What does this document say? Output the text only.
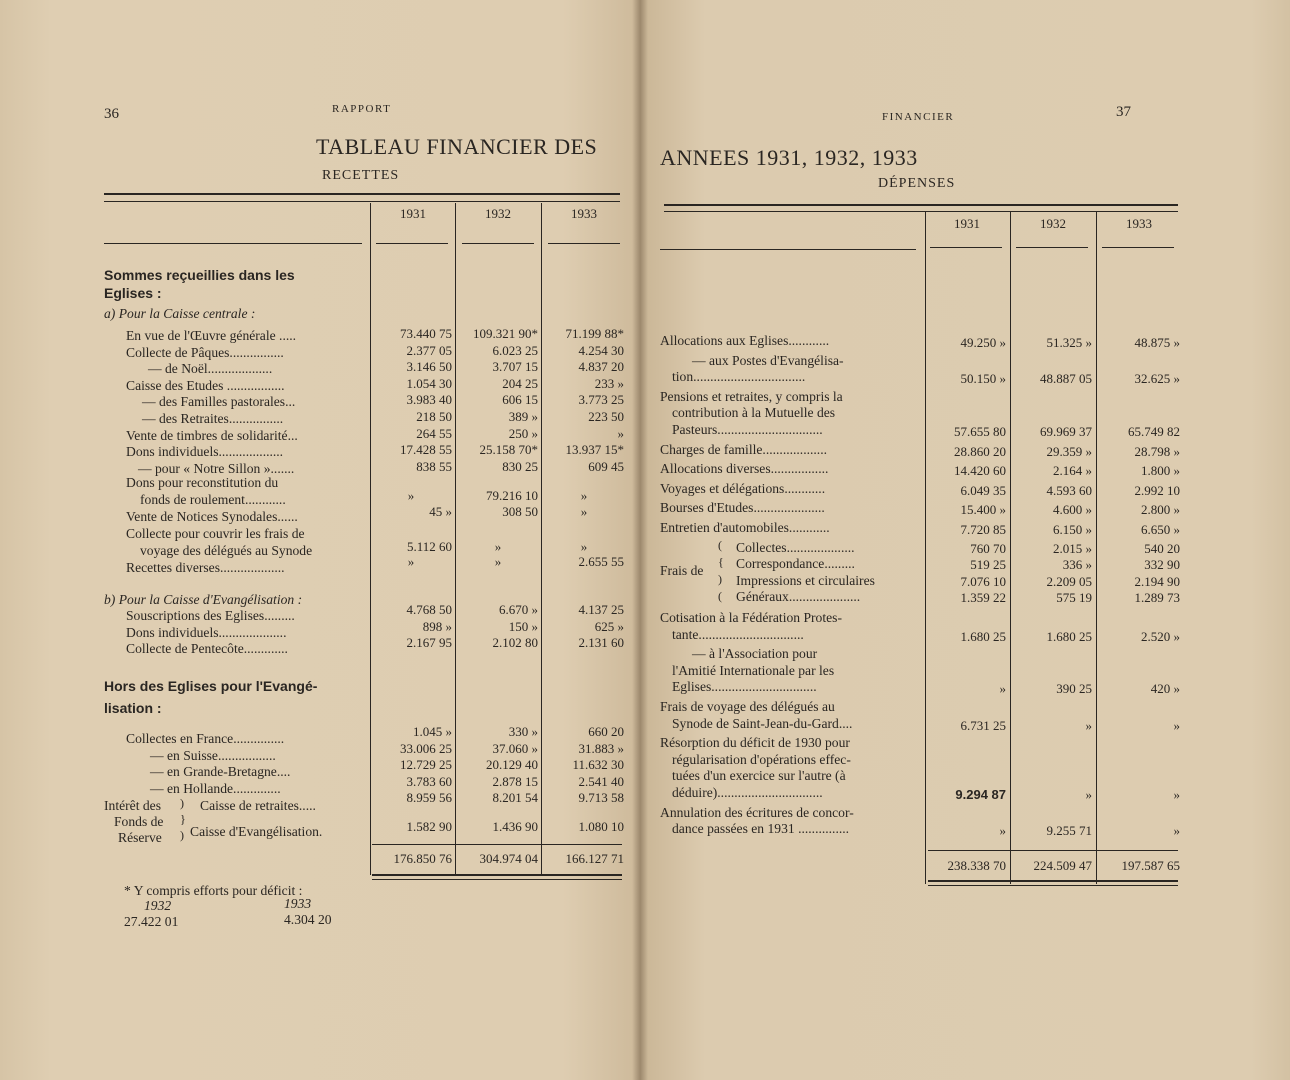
36	RAPPORT
TABLEAU FINANCIER DES
RECETTES
1931	1932	1933
Sommes reçueillies dans les
Eglises :
a) Pour la Caisse centrale :
En vue de l'Œuvre générale .....	73.440 75	109.321 90*	71.199 88*
Collecte de Pâques................	2.377 05	6.023 25	4.254 30
— de Noël...................	3.146 50	3.707 15	4.837 20
Caisse des Etudes .................	1.054 30	204 25	233 »
— des Familles pastorales...	3.983 40	606 15	3.773 25
— des Retraites................	218 50	389 »	223 50
Vente de timbres de solidarité...	264 55	250 »	»
Dons individuels...................	17.428 55	25.158 70*	13.937 15*
— pour « Notre Sillon ».......	838 55	830 25	609 45
Dons pour reconstitution du
fonds de roulement............	»	79.216 10	»
Vente de Notices Synodales......	45 »	308 50	»
Collecte pour couvrir les frais de
voyage des délégués au Synode	5.112 60	»	»
Recettes diverses...................	»	»	2.655 55
b) Pour la Caisse d'Evangélisation :
Souscriptions des Eglises.........	4.768 50	6.670 »	4.137 25
Dons individuels....................	898 »	150 »	625 »
Collecte de Pentecôte.............	2.167 95	2.102 80	2.131 60
Hors des Eglises pour l'Evangé-
lisation :
Collectes en France...............	1.045 »	330 »	660 20
— en Suisse.................	33.006 25	37.060 »	31.883 »
— en Grande-Bretagne....	12.729 25	20.129 40	11.632 30
— en Hollande..............	3.783 60	2.878 15	2.541 40
Intérêt des
Fonds de
Réserve
)
}
)
Caisse de retraites.....
8.959 56	8.201 54	9.713 58
Caisse d'Evangélisation.	1.582 90	1.436 90	1.080 10
176.850 76	304.974 04	166.127 71
* Y compris efforts pour déficit :
1932	1933
27.422 01	4.304 20
FINANCIER	37
ANNEES 1931, 1932, 1933
DÉPENSES
1931	1932	1933
Allocations aux Eglises............	49.250 »	51.325 »	48.875 »
— aux Postes d'Evangélisa-
tion.................................	50.150 »	48.887 05	32.625 »
Pensions et retraites, y compris la
contribution à la Mutuelle des
Pasteurs...............................	57.655 80	69.969 37	65.749 82
Charges de famille...................	28.860 20	29.359 »	28.798 »
Allocations diverses.................	14.420 60	2.164 »	1.800 »
Voyages et délégations............	6.049 35	4.593 60	2.992 10
Bourses d'Etudes.....................	15.400 »	4.600 »	2.800 »
Entretien d'automobiles............	7.720 85	6.150 »	6.650 »
Frais de
(
{
)
(
Collectes....................	760 70	2.015 »	540 20
Correspondance.........	519 25	336 »	332 90
Impressions et circulaires	7.076 10	2.209 05	2.194 90
Généraux.....................	1.359 22	575 19	1.289 73
Cotisation à la Fédération Protes-
tante...............................	1.680 25	1.680 25	2.520 »
— à l'Association pour
l'Amitié Internationale par les
Eglises...............................	»	390 25	420 »
Frais de voyage des délégués au
Synode de Saint-Jean-du-Gard....	6.731 25	»	»
Résorption du déficit de 1930 pour
régularisation d'opérations effec-
tuées d'un exercice sur l'autre (à
déduire)...............................	9.294 87	»	»
Annulation des écritures de concor-
dance passées en 1931 ...............	»	9.255 71	»
238.338 70	224.509 47	197.587 65
